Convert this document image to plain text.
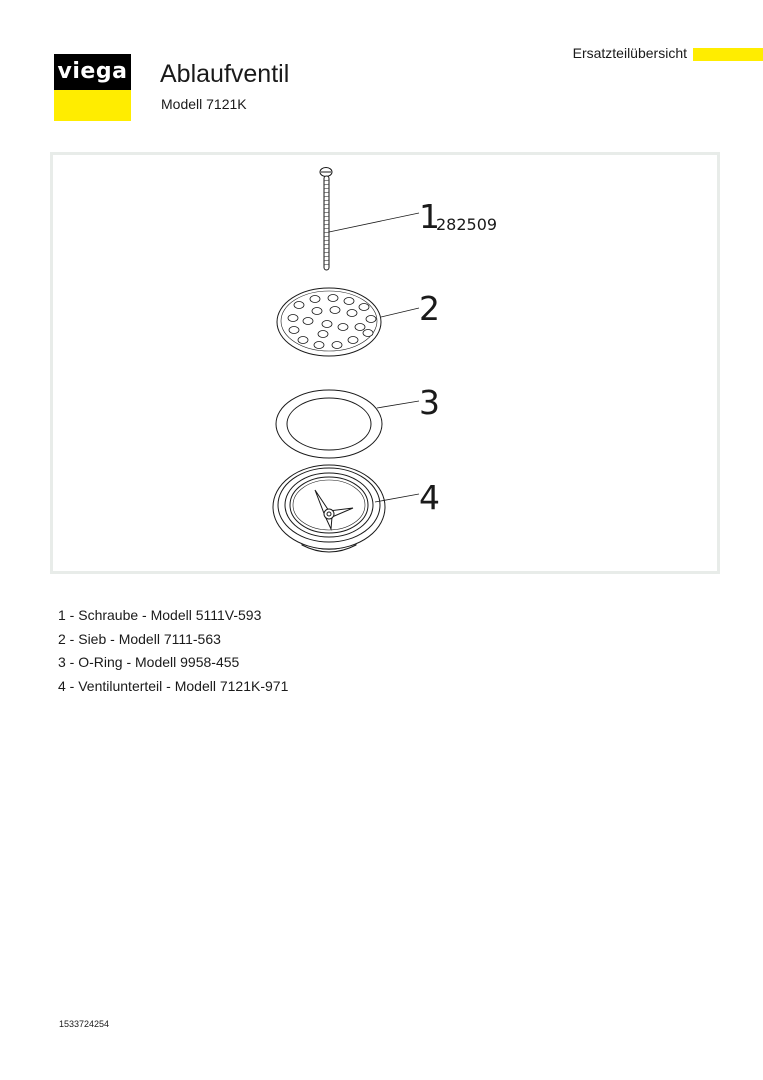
viega Ablaufventil
Modell 7121K
Ersatzteilübersicht
1
282509
2
3
4
1 - Schraube - Modell 5111V-593
2 - Sieb - Modell 7111-563
3 - O-Ring - Modell 9958-455
4 - Ventilunterteil - Modell 7121K-971
1533724254
